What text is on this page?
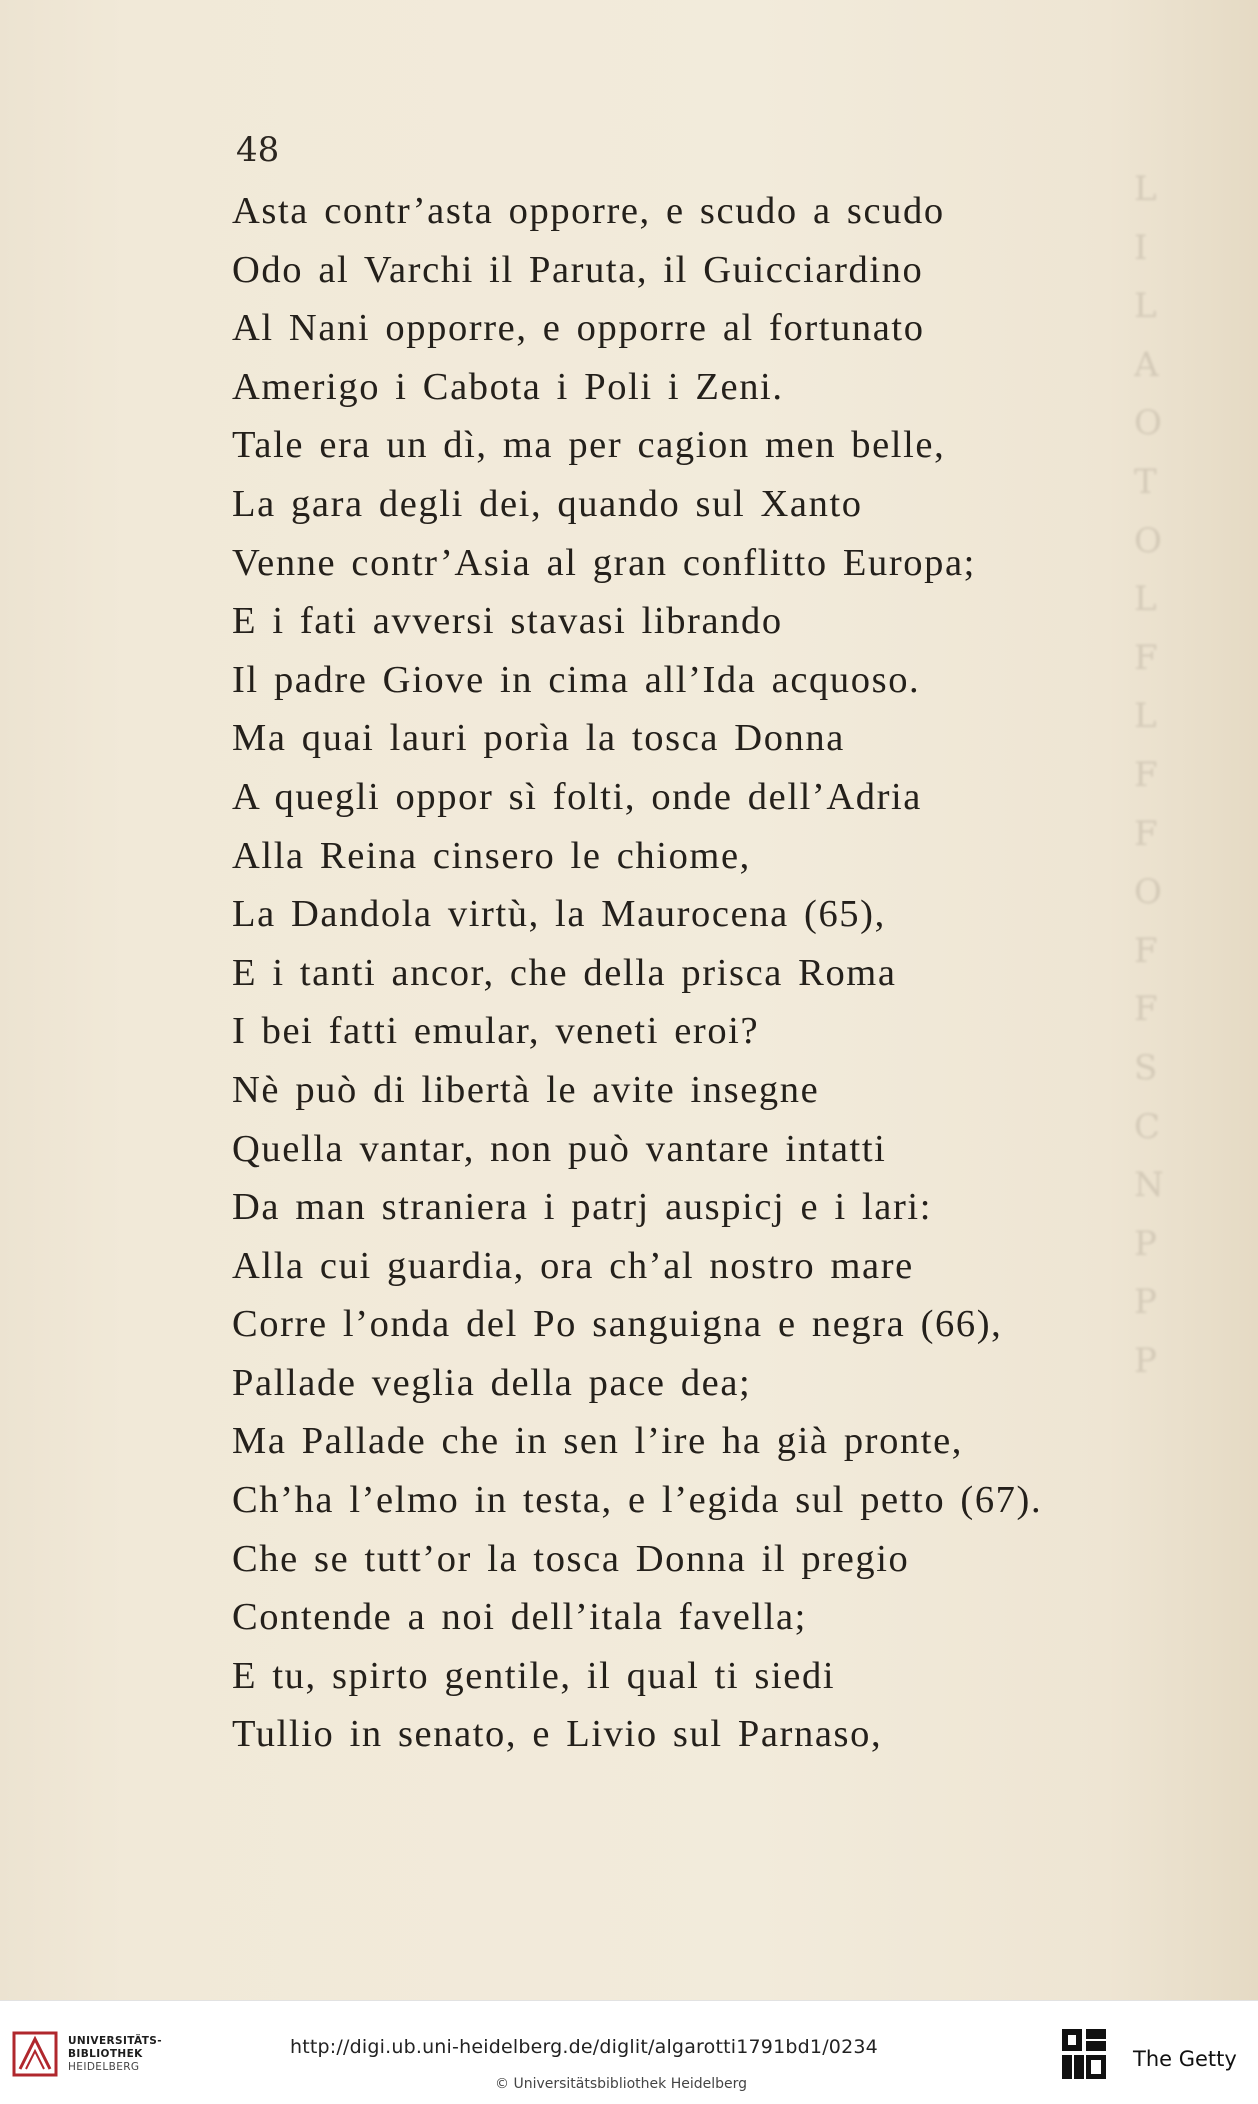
L
I
L
A
O
T
O
L
F
L
F
F
O
F
F
S
C
N
P
P
P
48
Asta contr’asta opporre, e scudo a scudo
Odo al Varchi il Paruta, il Guicciardino
Al Nani opporre, e opporre al fortunato
Amerigo i Cabota i Poli i Zeni.
Tale era un dì, ma per cagion men belle,
La gara degli dei, quando sul Xanto
Venne contr’Asia al gran conflitto Europa;
E i fati avversi stavasi librando
Il padre Giove in cima all’Ida acquoso.
Ma quai lauri porìa la tosca Donna
A quegli oppor sì folti, onde dell’Adria
Alla Reina cinsero le chiome,
La Dandola virtù, la Maurocena (65),
E i tanti ancor, che della prisca Roma
I bei fatti emular, veneti eroi?
Nè può di libertà le avite insegne
Quella vantar, non può vantare intatti
Da man straniera i patrj auspicj e i lari:
Alla cui guardia, ora ch’al nostro mare
Corre l’onda del Po sanguigna e negra (66),
Pallade veglia della pace dea;
Ma Pallade che in sen l’ire ha già pronte,
Ch’ha l’elmo in testa, e l’egida sul petto (67).
Che se tutt’or la tosca Donna il pregio
Contende a noi dell’itala favella;
E tu, spirto gentile, il qual ti siedi
Tullio in senato, e Livio sul Parnaso,
UNIVERSITÄTS-
BIBLIOTHEK
HEIDELBERG
http://digi.ub.uni-heidelberg.de/diglit/algarotti1791bd1/0234
© Universitätsbibliothek Heidelberg
The Getty
